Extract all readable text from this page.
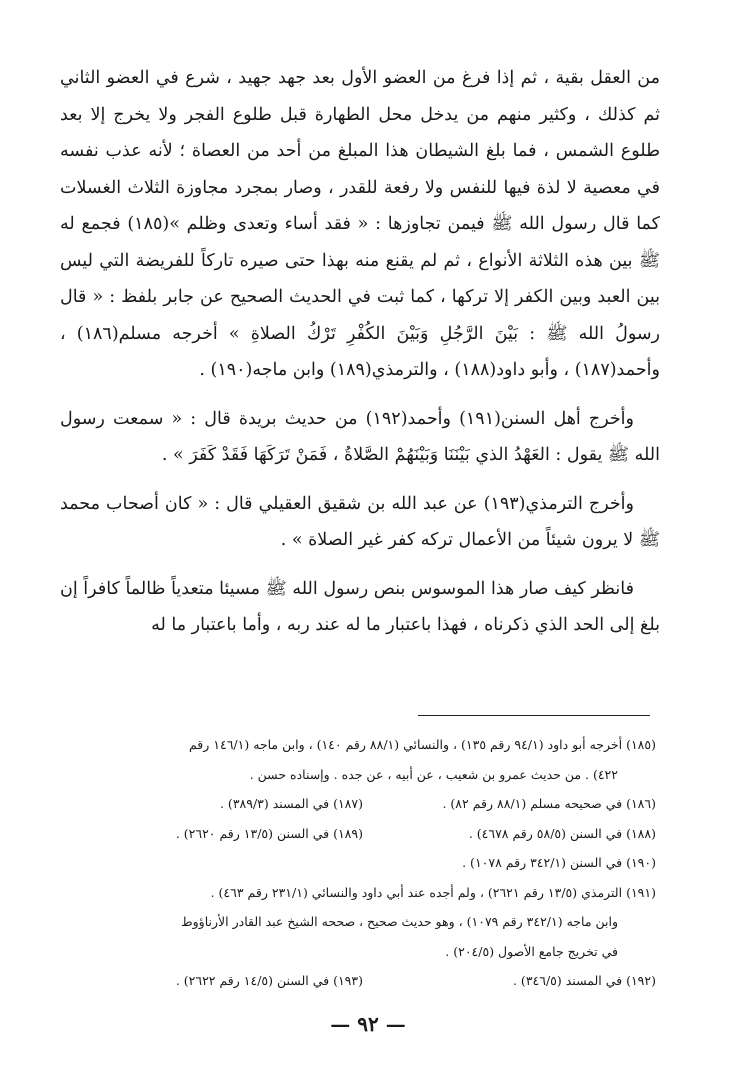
من العقل بقية ، ثم إذا فرغ من العضو الأول بعد جهد جهيد ، شرع في العضو الثاني ثم كذلك ، وكثير منهم من يدخل محل الطهارة قبل طلوع الفجر ولا يخرج إلا بعد طلوع الشمس ، فما بلغ الشيطان هذا المبلغ من أحد من العصاة ؛ لأنه عذب نفسه في معصية لا لذة فيها للنفس ولا رفعة للقدر ، وصار بمجرد مجاوزة الثلاث الغسلات كما قال رسول الله ﷺ فيمن تجاوزها : « فقد أساء وتعدى وظلم »(١٨٥) فجمع له ﷺ بين هذه الثلاثة الأنواع ، ثم لم يقنع منه بهذا حتى صيره تاركاً للفريضة التي ليس بين العبد وبين الكفر إلا تركها ، كما ثبت في الحديث الصحيح عن جابر بلفظ : « قال رسولُ الله ﷺ : بَيْنَ الرَّجُلِ وَبَيْنَ الكُفْرِ تَرْكُ الصلاةِ » أخرجه مسلم(١٨٦) ، وأحمد(١٨٧) ، وأبو داود(١٨٨) ، والترمذي(١٨٩) وابن ماجه(١٩٠) .

وأخرج أهل السنن(١٩١) وأحمد(١٩٢) من حديث بريدة قال : « سمعت رسول الله ﷺ يقول : العَهْدُ الذي بَيْنَنَا وَبَيْنَهُمْ الصَّلاةُ ، فَمَنْ تَرَكَهَا فَقَدْ كَفَرَ » .

وأخرج الترمذي(١٩٣) عن عبد الله بن شقيق العقيلي قال : « كان أصحاب محمد ﷺ لا يرون شيئاً من الأعمال تركه كفر غير الصلاة » .

فانظر كيف صار هذا الموسوس بنص رسول الله ﷺ مسيئا متعدياً ظالماً كافراً إن بلغ إلى الحد الذي ذكرناه ، فهذا باعتبار ما له عند ربه ، وأما باعتبار ما له

(١٨٥) أخرجه أبو داود (٩٤/١ رقم ١٣٥) ، والنسائي (٨٨/١ رقم ١٤٠) ، وابن ماجه (١٤٦/١ رقم

٤٢٢) . من حديث عمرو بن شعيب ، عن أبيه ، عن جده . وإسناده حسن .

(١٨٦) في صحيحه مسلم (٨٨/١ رقم ٨٢) .
(١٨٧) في المسند (٣٨٩/٣) .
(١٨٨) في السنن (٥٨/٥ رقم ٤٦٧٨) .
(١٨٩) في السنن (١٣/٥ رقم ٢٦٢٠) .

(١٩٠) في السنن (٣٤٢/١ رقم ١٠٧٨) .

(١٩١) الترمذي (١٣/٥ رقم ٢٦٢١) ، ولم أجده عند أبي داود والنسائي (٢٣١/١ رقم ٤٦٣) .

وابن ماجه (٣٤٢/١ رقم ١٠٧٩) ، وهو حديث صحيح ، صححه الشيخ عبد القادر الأرناؤوط

في تخريج جامع الأصول (٢٠٤/٥) .

(١٩٢) في المسند (٣٤٦/٥) .
(١٩٣) في السنن (١٤/٥ رقم ٢٦٢٢) .
— ٩٢ —
